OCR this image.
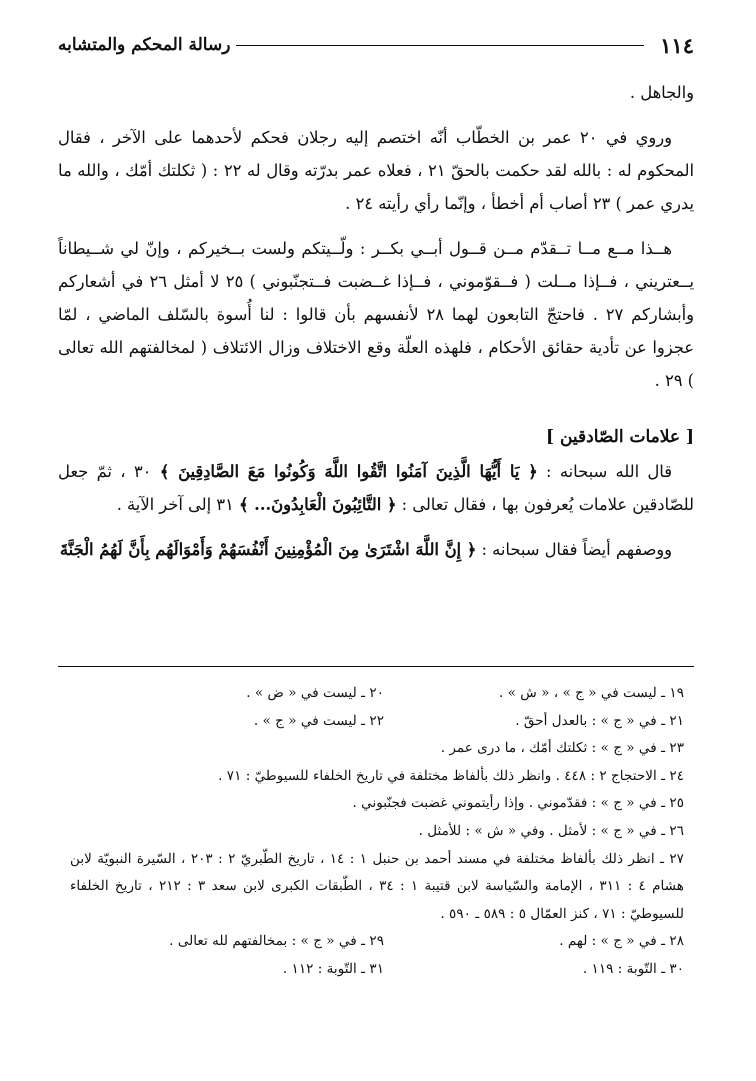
١١٤
رسالة المحكم والمتشابه

والجاهل .

وروي في ٢٠ عمر بن الخطّاب أنّه اختصم إليه رجلان فحكم لأحدهما على الآخر ، فقال المحكوم له : بالله لقد حكمت بالحقّ ٢١ ، فعلاه عمر بدرّته وقال له ٢٢ : ( ثكلتك أمّك ، والله ما يدري عمر ) ٢٣ أصاب أم أخطأ ، وإنّما رأي رأيته ٢٤ .

هــذا مــع مــا تــقدّم مــن قــول أبــي بكــر : ولّــيتكم ولست بــخيركم ، وإنّ لي شــيطاناً يــعتريني ، فــإذا مــلت ( فــقوّموني ، فــإذا غــضبت فــتجنّبوني ) ٢٥ لا أمثل ٢٦ في أشعاركم وأبشاركم ٢٧ . فاحتجّ التابعون لهما ٢٨ لأنفسهم بأن قالوا : لنا أُسوة بالسّلف الماضي ، لمّا عجزوا عن تأدية حقائق الأحكام ، فلهذه العلّة وقع الاختلاف وزال الائتلاف ( لمخالفتهم الله تعالى ) ٢٩ .

[ علامات الصّادقين ]

قال الله سبحانه : ﴿ يَا أَيُّهَا الَّذِينَ آمَنُوا اتَّقُوا اللَّهَ وَكُونُوا مَعَ الصَّادِقِينَ ﴾ ٣٠ ، ثمّ جعل للصّادقين علامات يُعرفون بها ، فقال تعالى : ﴿ التَّائِبُونَ الْعَابِدُونَ... ﴾ ٣١ إلى آخر الآية .

ووصفهم أيضاً فقال سبحانه : ﴿ إِنَّ اللَّهَ اشْتَرَىٰ مِنَ الْمُؤْمِنِينَ أَنْفُسَهُمْ وَأَمْوَالَهُم بِأَنَّ لَهُمُ الْجَنَّةَ

١٩ ـ ليست في « ج » ، « ش » .
٢٠ ـ ليست في « ض » .
٢١ ـ في « ج » : بالعدل أحقّ .
٢٢ ـ ليست في « ج » .
٢٣ ـ في « ج » : ثكلتك أمّك ، ما درى عمر .
٢٤ ـ الاحتجاج ٢ : ٤٤٨ . وانظر ذلك بألفاظ مختلفة في تاريخ الخلفاء للسيوطيّ : ٧١ .
٢٥ ـ في « ج » : فقدّموني . وإذا رأيتموني غضبت فجنّبوني .
٢٦ ـ في « ج » : لأمثل . وفي « ش » : للأمثل .
٢٧ ـ انظر ذلك بألفاظ مختلفة في مسند أحمد بن حنبل ١ : ١٤ ، تاريخ الطّبريّ ٢ : ٢٠٣ ، السّيرة النبويّة لابن هشام ٤ : ٣١١ ، الإمامة والسّياسة لابن قتيبة ١ : ٣٤ ، الطّبقات الكبرى لابن سعد ٣ : ٢١٢ ، تاريخ الخلفاء للسيوطيّ : ٧١ ، كنز العمّال ٥ : ٥٨٩ ـ ٥٩٠ .
٢٨ ـ في « ج » : لهم .
٢٩ ـ في « ج » : بمخالفتهم لله تعالى .
٣٠ ـ التّوبة : ١١٩ .
٣١ ـ التّوبة : ١١٢ .
